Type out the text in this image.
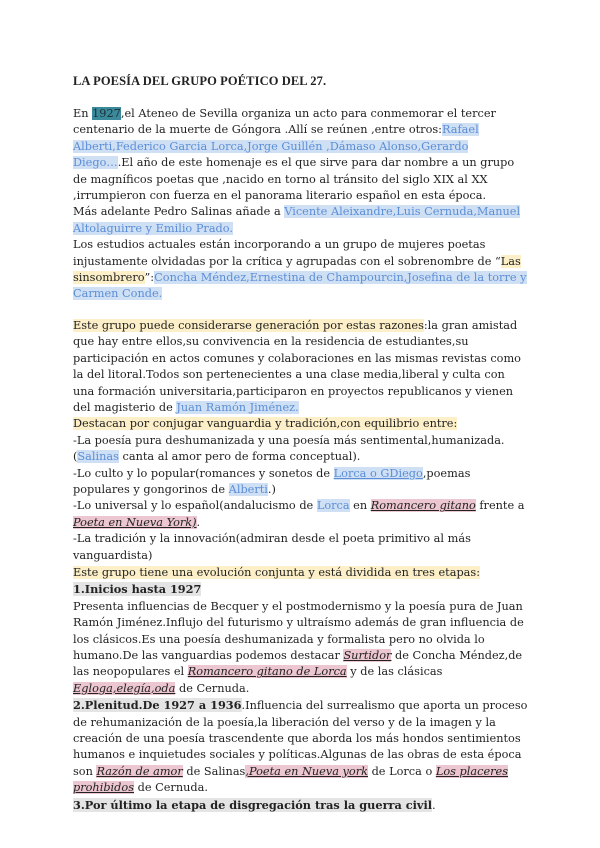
LA POESÍA DEL GRUPO POÉTICO DEL 27.

En 1927,el Ateneo de Sevilla organiza un acto para conmemorar el tercer centenario de la muerte de Góngora .Allí se reúnen ,entre otros:Rafael Alberti,Federico Garcia Lorca,Jorge Guillén ,Dámaso Alonso,Gerardo Diego….El año de este homenaje es el que sirve para dar nombre a un grupo de magníficos poetas que ,nacido en torno al tránsito del siglo XIX al XX ,irrumpieron con fuerza en el panorama literario español en esta época.

Más adelante Pedro Salinas añade a Vicente Aleixandre,Luis Cernuda,Manuel Altolaguirre y Emilio Prado.

Los estudios actuales están incorporando a un grupo de mujeres poetas injustamente olvidadas por la crítica y agrupadas con el sobrenombre de “Las sinsombrero”:Concha Méndez,Ernestina de Champourcin,Josefina de la torre y Carmen Conde.

Este grupo puede considerarse generación por estas razones:la gran amistad que hay entre ellos,su convivencia en la residencia de estudiantes,su participación en actos comunes y colaboraciones en las mismas revistas como la del litoral.Todos son pertenecientes a una clase media,liberal y culta con una formación universitaria,participaron en proyectos republicanos y vienen del magisterio de Juan Ramón Jiménez.

Destacan por conjugar vanguardia y tradición,con equilibrio entre:

-La poesía pura deshumanizada y una poesía más sentimental,humanizada.(Salinas canta al amor pero de forma conceptual).

-Lo culto y lo popular(romances y sonetos de Lorca o GDiego,poemas populares y gongorinos de Alberti.)

-Lo universal y lo español(andalucismo de Lorca en Romancero gitano frente a Poeta en Nueva York).

-La tradición y la innovación(admiran desde el poeta primitivo al más vanguardista)

Este grupo tiene una evolución conjunta y está dividida en tres etapas:

1.Inicios hasta 1927

Presenta influencias de Becquer y el postmodernismo y la poesía pura de Juan Ramón Jiménez.Influjo del futurismo y ultraísmo además de gran influencia de los clásicos.Es una poesía deshumanizada y formalista pero no olvida lo humano.De las vanguardias podemos destacar Surtidor de Concha Méndez,de las neopopulares el Romancero gitano de Lorca y de las clásicas Egloga,elegía,oda de Cernuda.

2.Plenitud.De 1927 a 1936.Influencia del surrealismo que aporta un proceso de rehumanización de la poesía,la liberación del verso y de la imagen y la creación de una poesía trascendente que aborda los más hondos sentimientos humanos e inquietudes sociales y políticas.Algunas de las obras de esta época son Razón de amor de Salinas,Poeta en Nueva york de Lorca o Los placeres prohibidos de Cernuda.

3.Por último la etapa de disgregación tras la guerra civil.
